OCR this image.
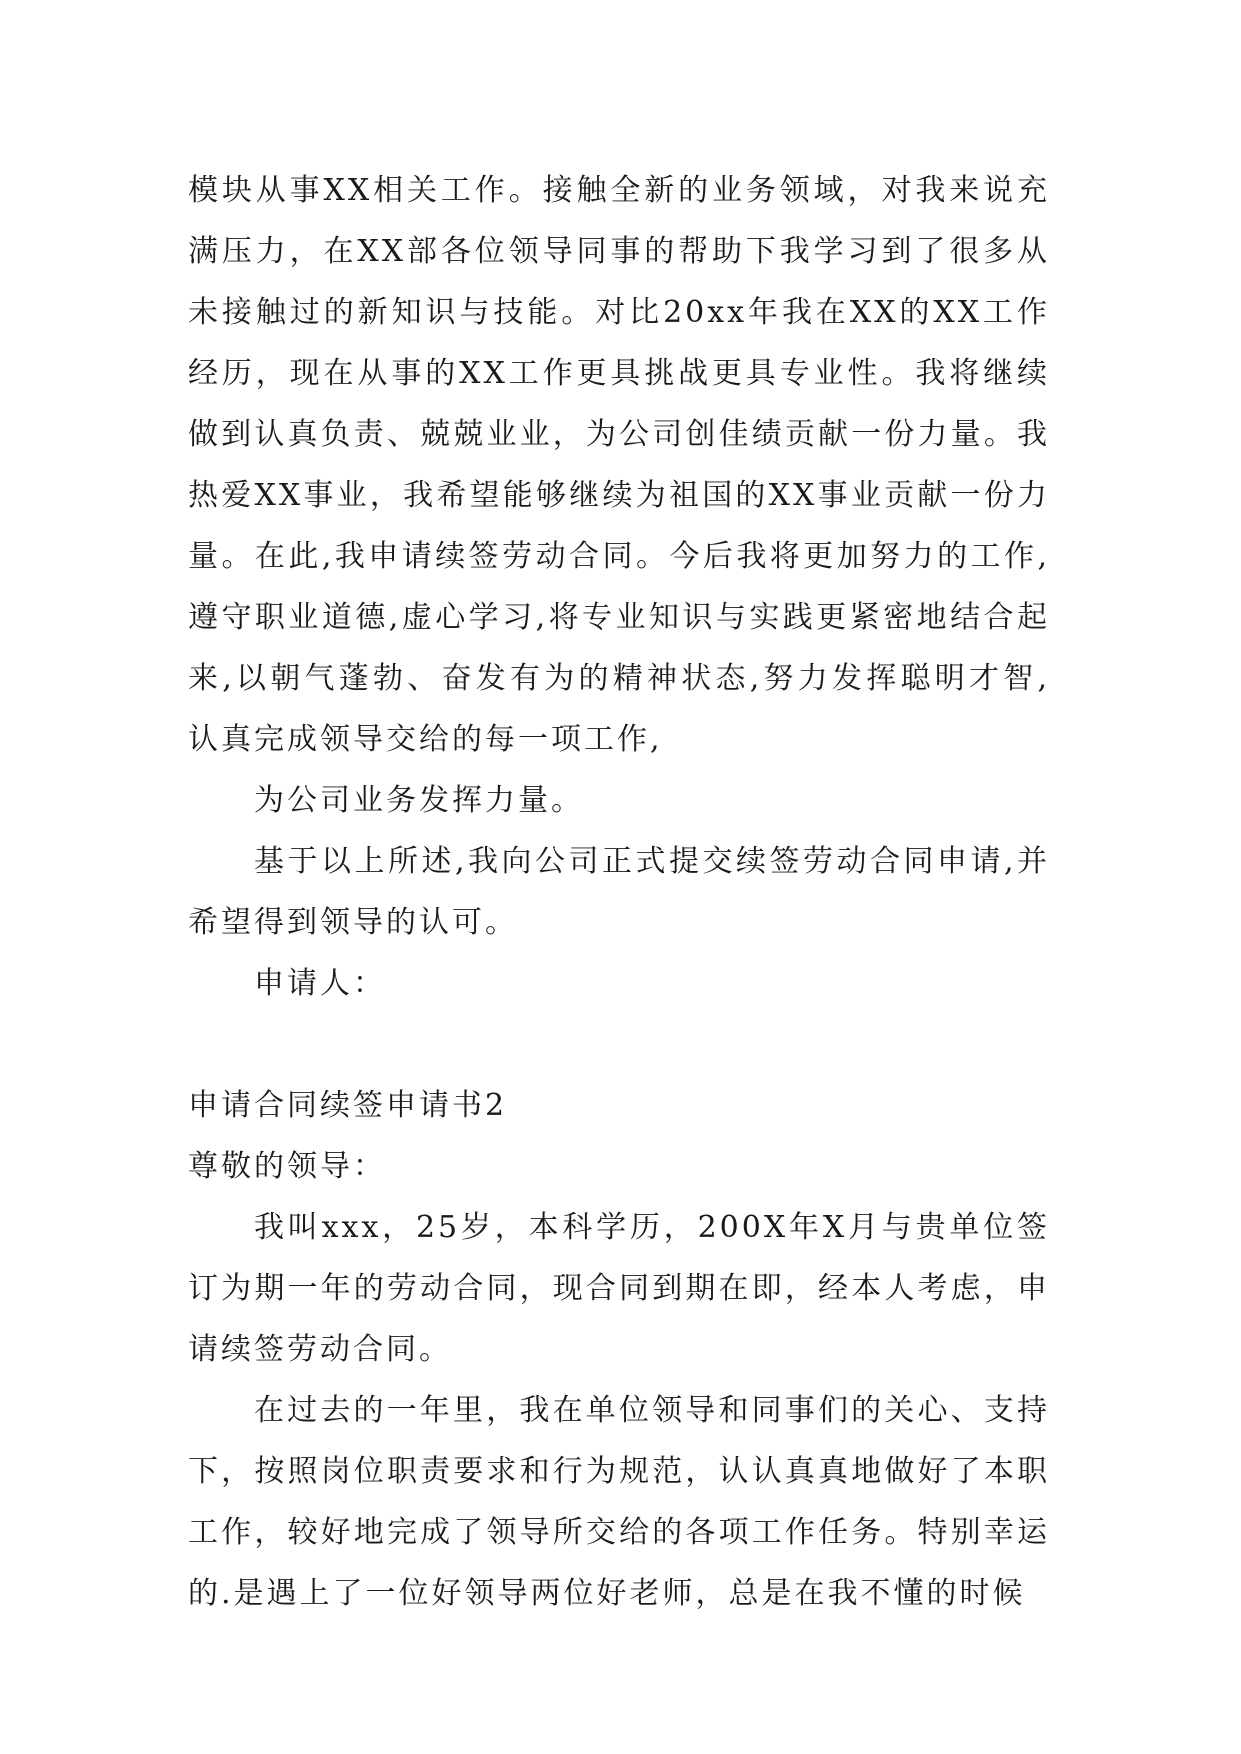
模块从事XX相关工作。接触全新的业务领域，对我来说充满压力，在XX部各位领导同事的帮助下我学习到了很多从未接触过的新知识与技能。对比20xx年我在XX的XX工作经历，现在从事的XX工作更具挑战更具专业性。我将继续做到认真负责、兢兢业业，为公司创佳绩贡献一份力量。我热爱XX事业，我希望能够继续为祖国的XX事业贡献一份力量。在此,我申请续签劳动合同。今后我将更加努力的工作,遵守职业道德,虚心学习,将专业知识与实践更紧密地结合起来,以朝气蓬勃、奋发有为的精神状态,努力发挥聪明才智,认真完成领导交给的每一项工作,

为公司业务发挥力量。

基于以上所述,我向公司正式提交续签劳动合同申请,并希望得到领导的认可。

申请人：

申请合同续签申请书2

尊敬的领导：

我叫xxx，25岁，本科学历，200X年X月与贵单位签订为期一年的劳动合同，现合同到期在即，经本人考虑，申请续签劳动合同。

在过去的一年里，我在单位领导和同事们的关心、支持下，按照岗位职责要求和行为规范，认认真真地做好了本职工作，较好地完成了领导所交给的各项工作任务。特别幸运的.是遇上了一位好领导两位好老师，总是在我不懂的时候
